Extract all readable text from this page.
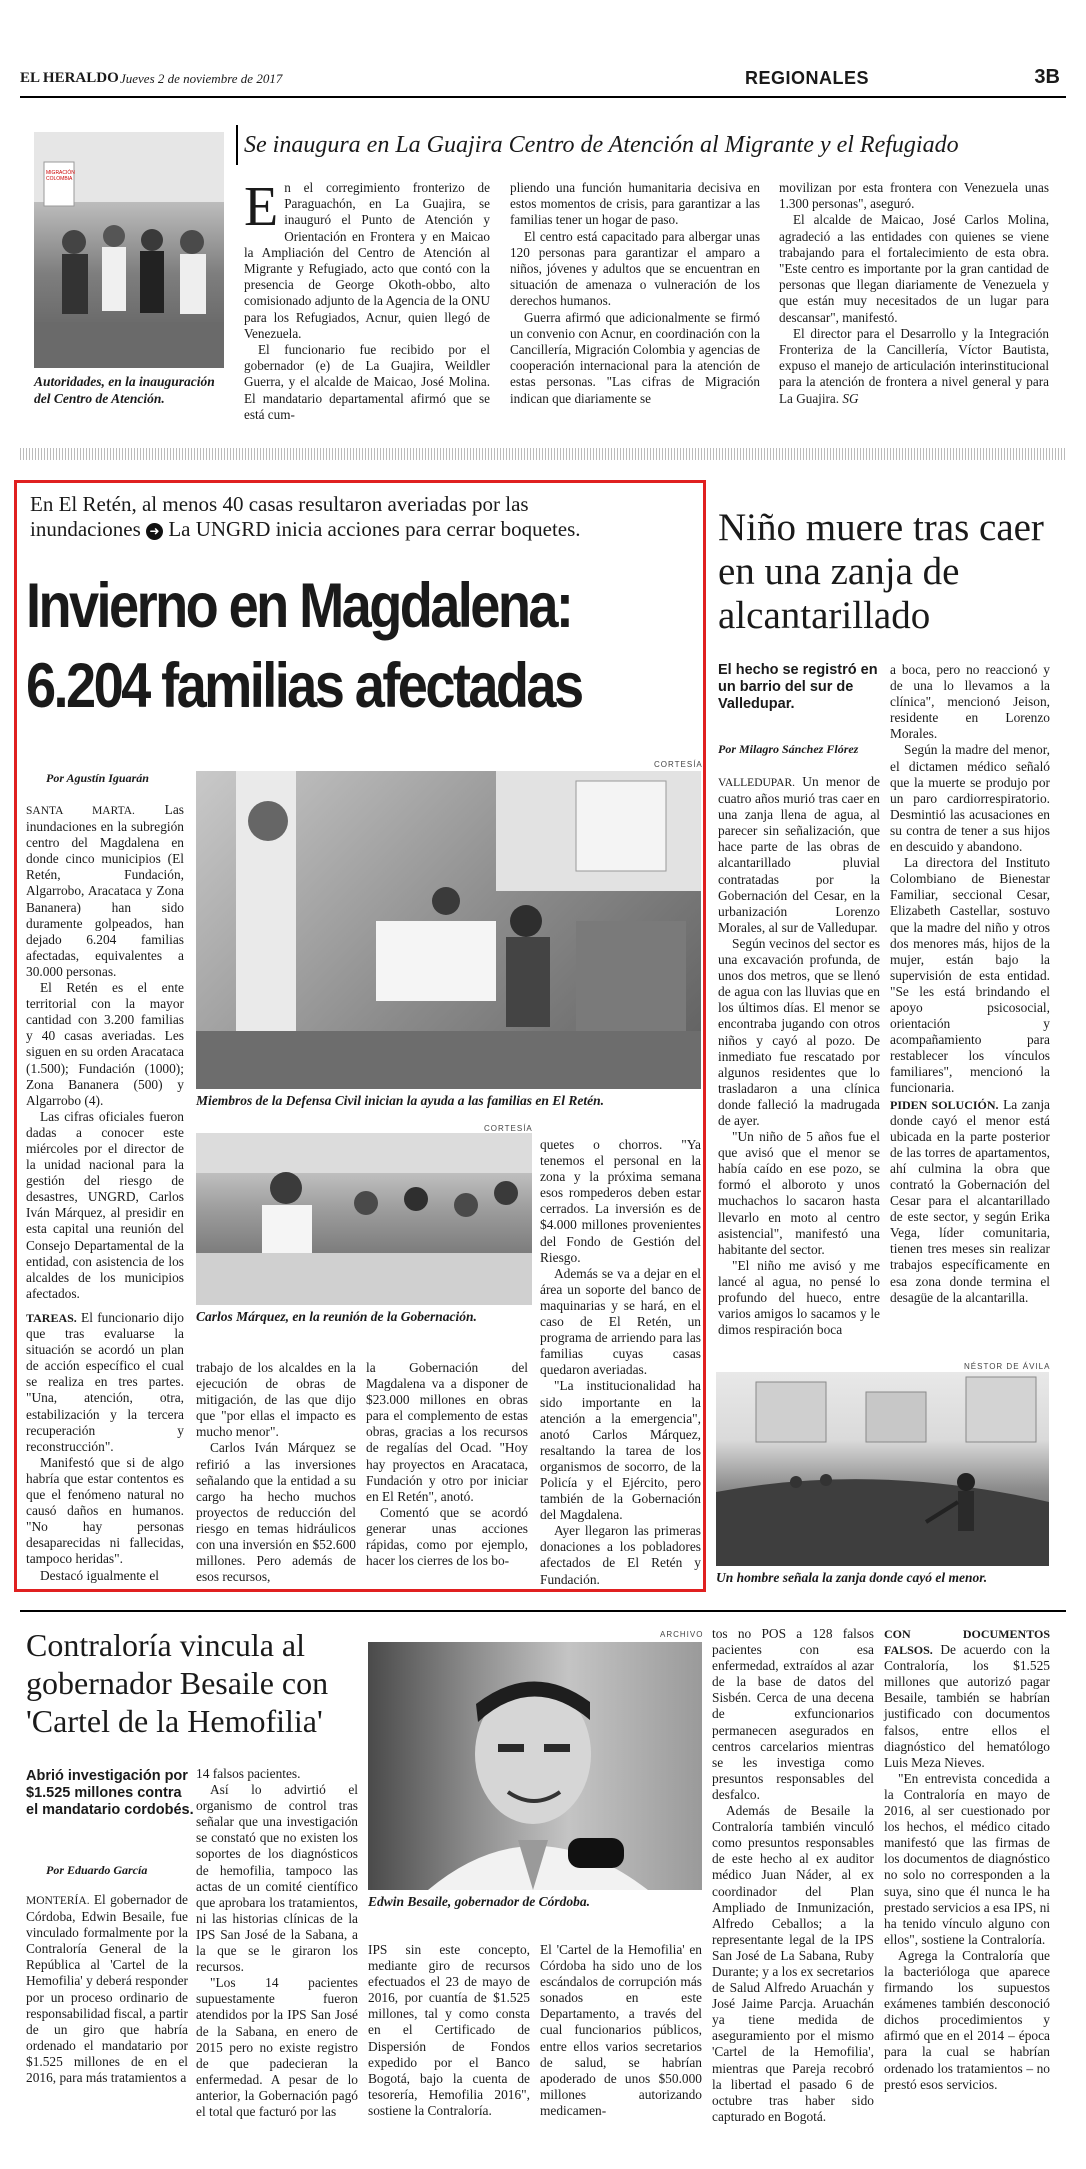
EL HERALDO Jueves 2 de noviembre de 2017	REGIONALES	3B
MIGRACIÓN COLOMBIA
Autoridades, en la inauguración del Centro de Atención.
Se inaugura en La Guajira Centro de Atención al Migrante y el Refugiado
E n el corregimiento fronterizo de Paraguachón, en La Guajira, se inauguró el Punto de Atención y Orientación en Frontera y en Maicao la Ampliación del Centro de Atención al Migrante y Refugiado, acto que contó con la presencia de George Okoth-obbo, alto comisionado adjunto de la Agencia de la ONU para los Refugiados, Acnur, quien llegó de Venezuela.

El funcionario fue recibido por el gobernador (e) de La Guajira, Weildler Guerra, y el alcalde de Maicao, José Molina. El mandatario departamental afirmó que se está cum-

pliendo una función humanitaria decisiva en estos momentos de crisis, para garantizar a las familias tener un hogar de paso.

El centro está capacitado para albergar unas 120 personas para garantizar el amparo a niños, jóvenes y adultos que se encuentran en situación de amenaza o vulneración de los derechos humanos.

Guerra afirmó que adicionalmente se firmó un convenio con Acnur, en coordinación con la Cancillería, Migración Colombia y agencias de cooperación internacional para la atención de estas personas. "Las cifras de Migración indican que diariamente se

movilizan por esta frontera con Venezuela unas 1.300 personas", aseguró.

El alcalde de Maicao, José Carlos Molina, agradeció a las entidades con quienes se viene trabajando para el fortalecimiento de esta obra. "Este centro es importante por la gran cantidad de personas que llegan diariamente de Venezuela y que están muy necesitados de un lugar para descansar", manifestó.

El director para el Desarrollo y la Integración Fronteriza de la Cancillería, Víctor Bautista, expuso el manejo de articulación interinstitucional para la atención de frontera a nivel general y para La Guajira. SG

En El Retén, al menos 40 casas resultaron averiadas por las
inundaciones ➜ La UNGRD inicia acciones para cerrar boquetes.
Invierno en Magdalena:
6.204 familias afectadas
Por Agustín Iguarán
CORTESÍA
Miembros de la Defensa Civil inician la ayuda a las familias en El Retén.
CORTESÍA
Carlos Márquez, en la reunión de la Gobernación.

SANTA MARTA. Las inundaciones en la subregión centro del Magdalena en donde cinco municipios (El Retén, Fundación, Algarrobo, Aracataca y Zona Bananera) han sido duramente golpeados, han dejado 6.204 familias afectadas, equivalentes a 30.000 personas.

El Retén es el ente territorial con la mayor cantidad con 3.200 familias y 40 casas averiadas. Les siguen en su orden Aracataca (1.500); Fundación (1000); Zona Bananera (500) y Algarrobo (4).

Las cifras oficiales fueron dadas a conocer este miércoles por el director de la unidad nacional para la gestión del riesgo de desastres, UNGRD, Carlos Iván Márquez, al presidir en esta capital una reunión del Consejo Departamental de la entidad, con asistencia de los alcaldes de los municipios afectados.

TAREAS. El funcionario dijo que tras evaluarse la situación se acordó un plan de acción específico el cual se realiza en tres partes. "Una, atención, otra, estabilización y la tercera recuperación y reconstrucción".

Manifestó que si de algo habría que estar contentos es que el fenómeno natural no causó daños en humanos. "No hay personas desaparecidas ni fallecidas, tampoco heridas".

Destacó igualmente el

trabajo de los alcaldes en la ejecución de obras de mitigación, de las que dijo que "por ellas el impacto es mucho menor".

Carlos Iván Márquez se refirió a las inversiones señalando que la entidad a su cargo ha hecho muchos proyectos de reducción del riesgo en temas hidráulicos con una inversión en $52.600 millones. Pero además de esos recursos,

la Gobernación del Magdalena va a disponer de $23.000 millones en obras para el complemento de estas obras, gracias a los recursos de regalías del Ocad. "Hoy hay proyectos en Aracataca, Fundación y otro por iniciar en El Retén", anotó.

Comentó que se acordó generar unas acciones rápidas, como por ejemplo, hacer los cierres de los bo-

quetes o chorros. "Ya tenemos el personal en la zona y la próxima semana esos rompederos deben estar cerrados. La inversión es de $4.000 millones provenientes del Fondo de Gestión del Riesgo.

Además se va a dejar en el área un soporte del banco de maquinarias y se hará, en el caso de El Retén, un programa de arriendo para las familias cuyas casas quedaron averiadas.

"La institucionalidad ha sido importante en la atención a la emergencia", anotó Carlos Márquez, resaltando la tarea de los organismos de socorro, de la Policía y el Ejército, pero también de la Gobernación del Magdalena.

Ayer llegaron las primeras donaciones a los pobladores afectados de El Retén y Fundación.

Niño muere tras caer en una zanja de alcantarillado
El hecho se registró en un barrio del sur de Valledupar.
Por Milagro Sánchez Flórez

VALLEDUPAR. Un menor de cuatro años murió tras caer en una zanja llena de agua, al parecer sin señalización, que hace parte de las obras de alcantarillado pluvial contratadas por la Gobernación del Cesar, en la urbanización Lorenzo Morales, al sur de Valledupar.

Según vecinos del sector es una excavación profunda, de unos dos metros, que se llenó de agua con las lluvias que en los últimos días. El menor se encontraba jugando con otros niños y cayó al pozo. De inmediato fue rescatado por algunos residentes que lo trasladaron a una clínica donde falleció la madrugada de ayer.

"Un niño de 5 años fue el que avisó que el menor se había caído en ese pozo, se formó el alboroto y unos muchachos lo sacaron hasta llevarlo en moto al centro asistencial", manifestó una habitante del sector.

"El niño me avisó y me lancé al agua, no pensé lo profundo del hueco, entre varios amigos lo sacamos y le dimos respiración boca

a boca, pero no reaccionó y de una lo llevamos a la clínica", mencionó Jeison, residente en Lorenzo Morales.

Según la madre del menor, el dictamen médico señaló que la muerte se produjo por un paro cardiorrespiratorio. Desmintió las acusaciones en su contra de tener a sus hijos en descuido y abandono.

La directora del Instituto Colombiano de Bienestar Familiar, seccional Cesar, Elizabeth Castellar, sostuvo que la madre del niño y otros dos menores más, hijos de la mujer, están bajo la supervisión de esta entidad. "Se les está brindando el apoyo psicosocial, orientación y acompañamiento para restablecer los vínculos familiares", mencionó la funcionaria.

PIDEN SOLUCIÓN. La zanja donde cayó el menor está ubicada en la parte posterior de las torres de apartamentos, ahí culmina la obra que contrató la Gobernación del Cesar para el alcantarillado de este sector, y según Erika Vega, líder comunitaria, tienen tres meses sin realizar trabajos específicamente en esa zona donde termina el desagüe de la alcantarilla.

NÉSTOR DE ÁVILA
Un hombre señala la zanja donde cayó el menor.
Contraloría vincula al gobernador Besaile con 'Cartel de la Hemofilia'
Abrió investigación por $1.525 millones contra el mandatario cordobés.
Por Eduardo García
ARCHIVO
Edwin Besaile, gobernador de Córdoba.

MONTERÍA. El gobernador de Córdoba, Edwin Besaile, fue vinculado formalmente por la Contraloría General de la República al 'Cartel de la Hemofilia' y deberá responder por un proceso ordinario de responsabilidad fiscal, a partir de un giro que habría ordenado el mandatario por $1.525 millones de en el 2016, para más tratamientos a

14 falsos pacientes.

Así lo advirtió el organismo de control tras señalar que una investigación se constató que no existen los soportes de los diagnósticos de hemofilia, tampoco las actas de un comité científico que aprobara los tratamientos, ni las historias clínicas de la IPS San José de la Sabana, a la que se le giraron los recursos.

"Los 14 pacientes supuestamente fueron atendidos por la IPS San José de la Sabana, en enero de 2015 pero no existe registro de que padecieran la enfermedad. A pesar de lo anterior, la Gobernación pagó el total que facturó por las

IPS sin este concepto, mediante giro de recursos efectuados el 23 de mayo de 2016, por cuantía de $1.525 millones, tal y como consta en el Certificado de Dispersión de Fondos expedido por el Banco Bogotá, bajo la cuenta de tesorería, Hemofilia 2016", sostiene la Contraloría.

El 'Cartel de la Hemofilia' en Córdoba ha sido uno de los escándalos de corrupción más sonados en este Departamento, a través del cual funcionarios públicos, entre ellos varios secretarios de salud, se habrían apoderado de unos $50.000 millones autorizando medicamen-

tos no POS a 128 falsos pacientes con esa enfermedad, extraídos al azar de la base de datos del Sisbén. Cerca de una decena de exfuncionarios permanecen asegurados en centros carcelarios mientras se les investiga como presuntos responsables del desfalco.

Además de Besaile la Contraloría también vinculó como presuntos responsables de este hecho al ex auditor médico Juan Náder, al ex coordinador del Plan Ampliado de Inmunización, Alfredo Ceballos; a la representante legal de la IPS San José de La Sabana, Ruby Durante; y a los ex secretarios de Salud Alfredo Aruachán y José Jaime Parcja. Aruachán ya tiene medida de aseguramiento por el mismo 'Cartel de la Hemofilia', mientras que Pareja recobró la libertad el pasado 6 de octubre tras haber sido capturado en Bogotá.

CON DOCUMENTOS FALSOS. De acuerdo con la Contraloría, los $1.525 millones que autorizó pagar Besaile, también se habrían justificado con documentos falsos, entre ellos el diagnóstico del hematólogo Luis Meza Nieves.

"En entrevista concedida a la Contraloría en mayo de 2016, al ser cuestionado por los hechos, el médico citado manifestó que las firmas de los documentos de diagnóstico no solo no corresponden a la suya, sino que él nunca le ha prestado servicios a esa IPS, ni ha tenido vínculo alguno con ellos", sostiene la Contraloría.

Agrega la Contraloría que la bacterióloga que aparece firmando los supuestos exámenes también desconoció dichos procedimientos y afirmó que en el 2014 – época para la cual se habrían ordenado los tratamientos – no prestó esos servicios.
